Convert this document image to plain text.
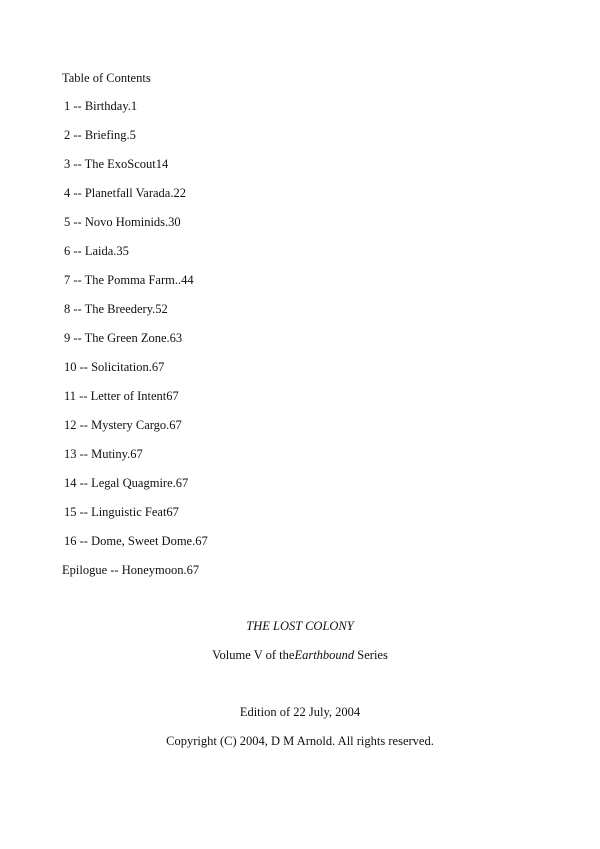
Table of Contents
1 -- Birthday.1
2 -- Briefing.5
3 -- The ExoScout14
4 -- Planetfall Varada.22
5 -- Novo Hominids.30
6 -- Laida.35
7 -- The Pomma Farm..44
8 -- The Breedery.52
9 -- The Green Zone.63
10 -- Solicitation.67
11 -- Letter of Intent67
12 -- Mystery Cargo.67
13 -- Mutiny.67
14 -- Legal Quagmire.67
15 -- Linguistic Feat67
16 -- Dome, Sweet Dome.67
Epilogue -- Honeymoon.67
THE LOST COLONY
Volume V of theEarthbound Series
Edition of 22 July, 2004
Copyright (C) 2004, D M Arnold. All rights reserved.
